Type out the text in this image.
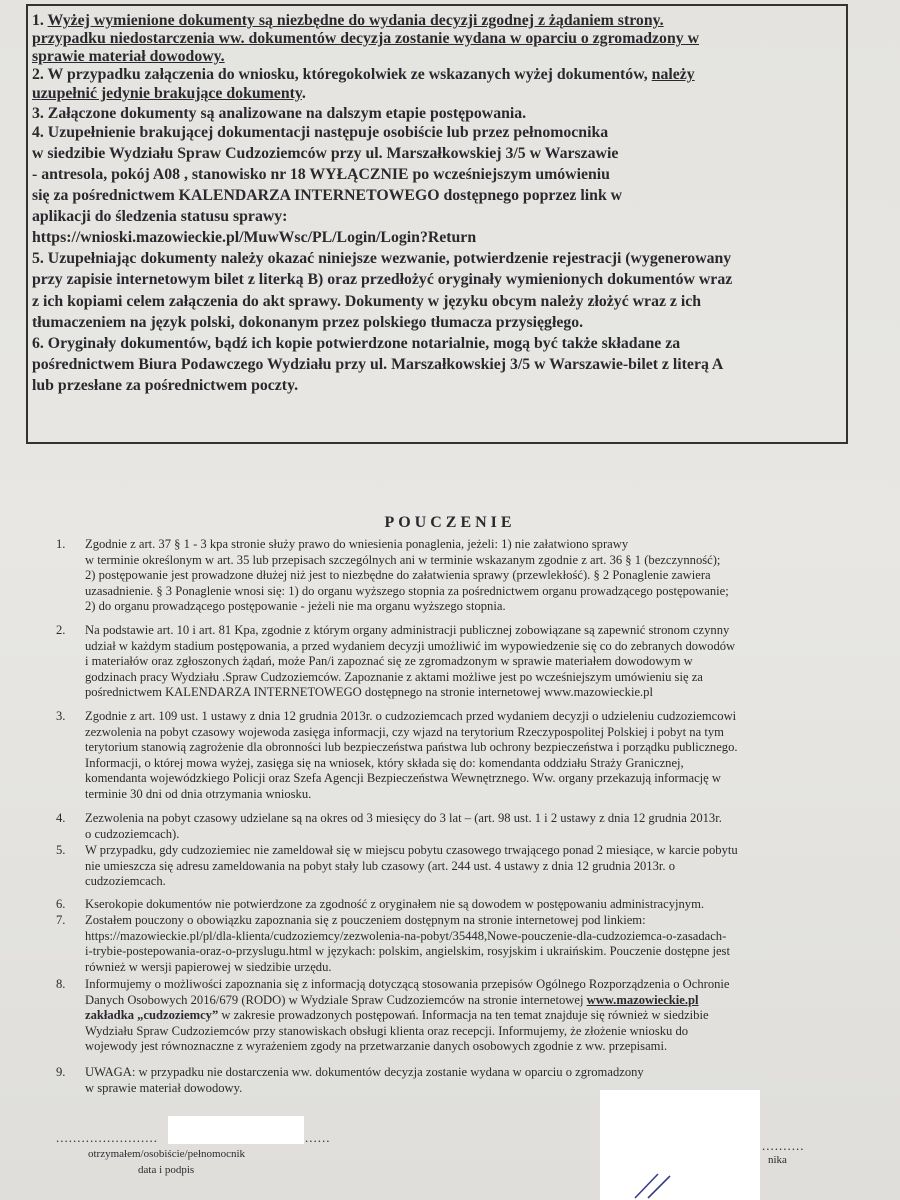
1. Wyżej wymienione dokumenty są niezbędne do wydania decyzji zgodnej z żądaniem strony.
przypadku niedostarczenia ww. dokumentów decyzja zostanie wydana w oparciu o zgromadzony w
sprawie materiał dowodowy.
2. W przypadku załączenia do wniosku, któregokolwiek ze wskazanych wyżej dokumentów, należy
uzupełnić jedynie brakujące dokumenty.
3. Załączone dokumenty są analizowane na dalszym etapie postępowania.
4. Uzupełnienie brakującej dokumentacji następuje osobiście lub przez pełnomocnika
w siedzibie Wydziału Spraw Cudzoziemców przy ul. Marszałkowskiej 3/5 w Warszawie
- antresola, pokój A08 , stanowisko nr 18 WYŁĄCZNIE po wcześniejszym umówieniu
się za pośrednictwem KALENDARZA INTERNETOWEGO dostępnego poprzez link w
aplikacji do śledzenia statusu sprawy:
https://wnioski.mazowieckie.pl/MuwWsc/PL/Login/Login?Return
5. Uzupełniając dokumenty należy okazać niniejsze wezwanie, potwierdzenie rejestracji (wygenerowany
przy zapisie internetowym bilet z literką B) oraz przedłożyć oryginały wymienionych dokumentów wraz
z ich kopiami celem załączenia do akt sprawy. Dokumenty w języku obcym należy złożyć wraz z ich
tłumaczeniem na język polski, dokonanym przez polskiego tłumacza przysięgłego.
6. Oryginały dokumentów, bądź ich kopie potwierdzone notarialnie, mogą być także składane za
pośrednictwem Biura Podawczego Wydziału przy ul. Marszałkowskiej 3/5 w Warszawie-bilet z literą A
lub przesłane za pośrednictwem poczty.
POUCZENIE
1. Zgodnie z art. 37 § 1 - 3 kpa stronie służy prawo do wniesienia ponaglenia, jeżeli: 1) nie załatwiono sprawy
w terminie określonym w art. 35 lub przepisach szczególnych ani w terminie wskazanym zgodnie z art. 36 § 1 (bezczynność);
2) postępowanie jest prowadzone dłużej niż jest to niezbędne do załatwienia sprawy (przewlekłość). § 2 Ponaglenie zawiera
uzasadnienie. § 3 Ponaglenie wnosi się: 1) do organu wyższego stopnia za pośrednictwem organu prowadzącego postępowanie;
2) do organu prowadzącego postępowanie - jeżeli nie ma organu wyższego stopnia.
2. Na podstawie art. 10 i art. 81 Kpa, zgodnie z którym organy administracji publicznej zobowiązane są zapewnić stronom czynny
udział w każdym stadium postępowania, a przed wydaniem decyzji umożliwić im wypowiedzenie się co do zebranych dowodów
i materiałów oraz zgłoszonych żądań, może Pan/i zapoznać się ze zgromadzonym w sprawie materiałem dowodowym w
godzinach pracy Wydziału .Spraw Cudzoziemców. Zapoznanie z aktami możliwe jest po wcześniejszym umówieniu się za
pośrednictwem KALENDARZA INTERNETOWEGO dostępnego na stronie internetowej www.mazowieckie.pl
3. Zgodnie z art. 109 ust. 1 ustawy z dnia 12 grudnia 2013r. o cudzoziemcach przed wydaniem decyzji o udzieleniu cudzoziemcowi
zezwolenia na pobyt czasowy wojewoda zasięga informacji, czy wjazd na terytorium Rzeczypospolitej Polskiej i pobyt na tym
terytorium stanowią zagrożenie dla obronności lub bezpieczeństwa państwa lub ochrony bezpieczeństwa i porządku publicznego.
Informacji, o której mowa wyżej, zasięga się na wniosek, który składa się do: komendanta oddziału Straży Granicznej,
komendanta wojewódzkiego Policji oraz Szefa Agencji Bezpieczeństwa Wewnętrznego. Ww. organy przekazują informację w
terminie 30 dni od dnia otrzymania wniosku.
4. Zezwolenia na pobyt czasowy udzielane są na okres od 3 miesięcy do 3 lat – (art. 98 ust. 1 i 2 ustawy z dnia 12 grudnia 2013r.
o cudzoziemcach).
5. W przypadku, gdy cudzoziemiec nie zameldował się w miejscu pobytu czasowego trwającego ponad 2 miesiące, w karcie pobytu
nie umieszcza się adresu zameldowania na pobyt stały lub czasowy (art. 244 ust. 4 ustawy z dnia 12 grudnia 2013r. o
cudzoziemcach.
6. Kserokopie dokumentów nie potwierdzone za zgodność z oryginałem nie są dowodem w postępowaniu administracyjnym.
7. Zostałem pouczony o obowiązku zapoznania się z pouczeniem dostępnym na stronie internetowej pod linkiem:
https://mazowieckie.pl/pl/dla-klienta/cudzoziemcy/zezwolenia-na-pobyt/35448,Nowe-pouczenie-dla-cudzoziemca-o-zasadach-
i-trybie-postepowania-oraz-o-przyslugu.html w językach: polskim, angielskim, rosyjskim i ukraińskim. Pouczenie dostępne jest
również w wersji papierowej w siedzibie urzędu.
8. Informujemy o możliwości zapoznania się z informacją dotyczącą stosowania przepisów Ogólnego Rozporządzenia o Ochronie
Danych Osobowych 2016/679 (RODO) w Wydziale Spraw Cudzoziemców na stronie internetowej www.mazowieckie.pl
zakładka „cudzoziemcy” w zakresie prowadzonych postępowań. Informacja na ten temat znajduje się również w siedzibie
Wydziału Spraw Cudzoziemców przy stanowiskach obsługi klienta oraz recepcji. Informujemy, że złożenie wniosku do
wojewody jest równoznaczne z wyrażeniem zgody na przetwarzanie danych osobowych zgodnie z ww. przepisami.
9. UWAGA: w przypadku nie dostarczenia ww. dokumentów decyzja zostanie wydana w oparciu o zgromadzony
w sprawie materiał dowodowy.
........................	......
otrzymałem/osobiście/pełnomocnik
data i podpis
..........
nika
